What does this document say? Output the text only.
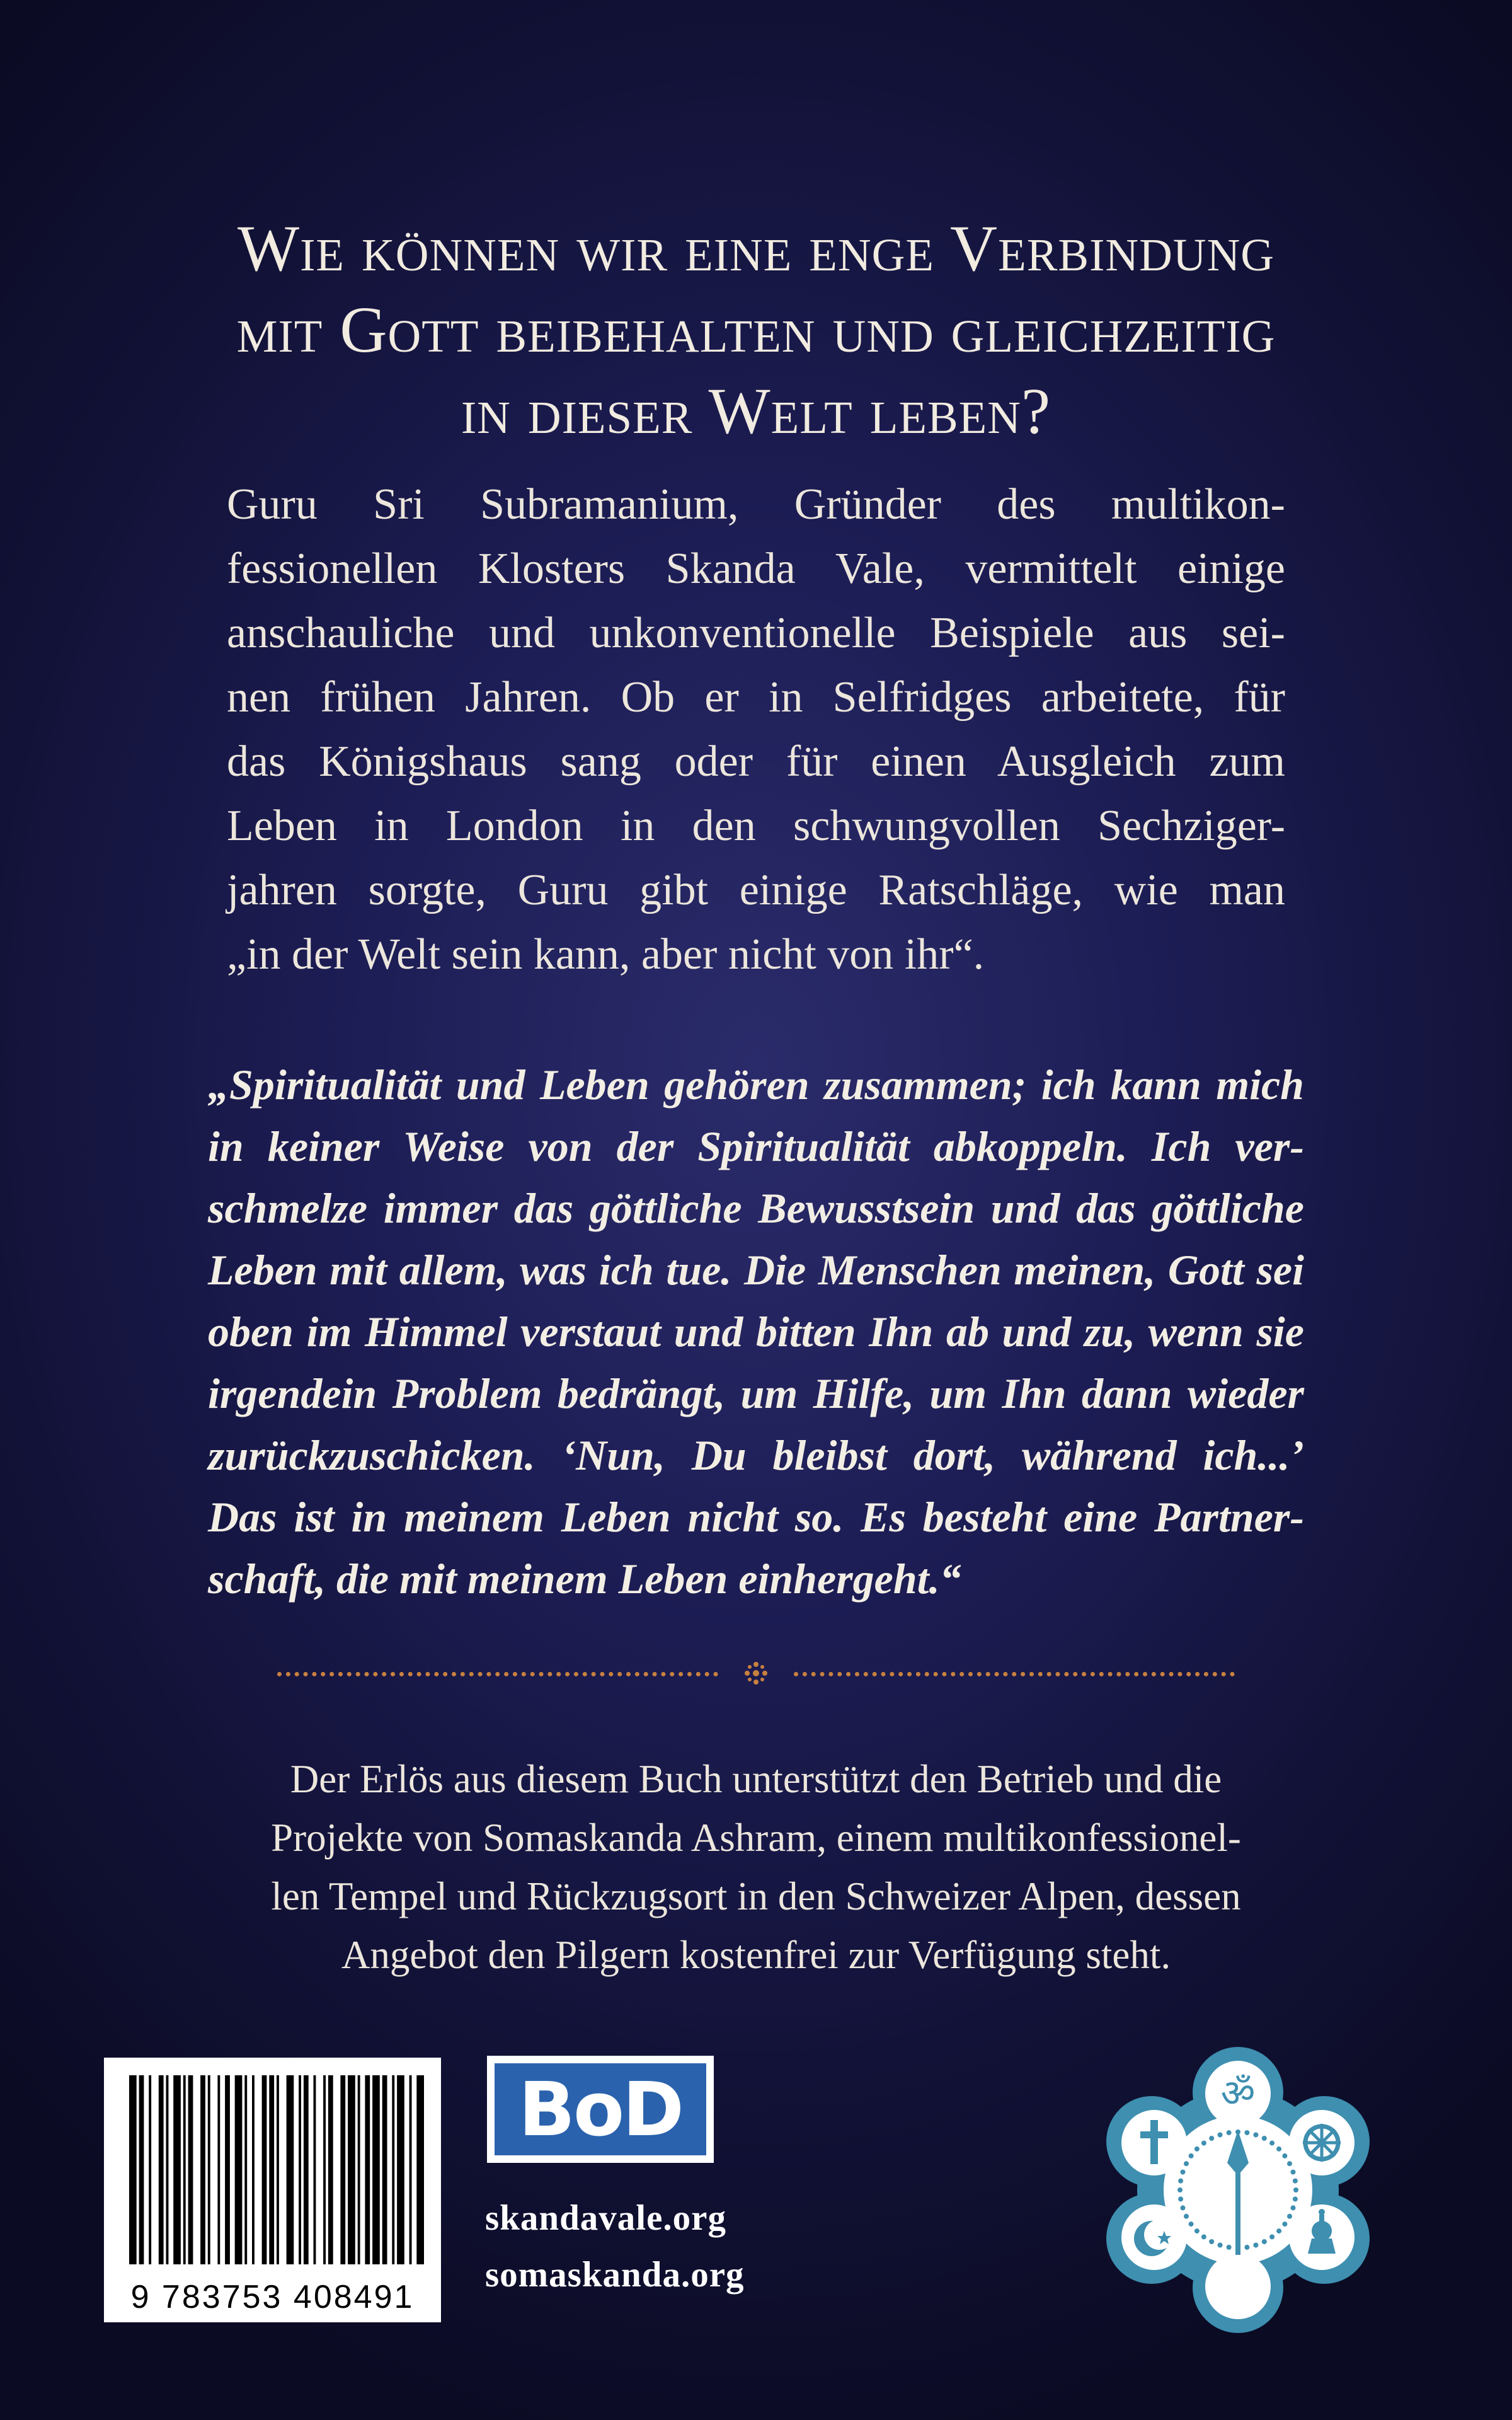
Wie können wir eine enge Verbindung
mit Gott beibehalten und gleichzeitig
in dieser Welt leben?
Guru Sri Subramanium, Gründer des multikon-
fessionellen Klosters Skanda Vale, vermittelt einige
anschauliche und unkonventionelle Beispiele aus sei-
nen frühen Jahren. Ob er in Selfridges arbeitete, für
das Königshaus sang oder für einen Ausgleich zum
Leben in London in den schwungvollen Sechziger-
jahren sorgte, Guru gibt einige Ratschläge, wie man
„in der Welt sein kann, aber nicht von ihr“.
„Spiritualität und Leben gehören zusammen; ich kann mich
in keiner Weise von der Spiritualität abkoppeln. Ich ver-
schmelze immer das göttliche Bewusstsein und das göttliche
Leben mit allem, was ich tue. Die Menschen meinen, Gott sei
oben im Himmel verstaut und bitten Ihn ab und zu, wenn sie
irgendein Problem bedrängt, um Hilfe, um Ihn dann wieder
zurückzuschicken. ‘Nun, Du bleibst dort, während ich...’
Das ist in meinem Leben nicht so. Es besteht eine Partner-
schaft, die mit meinem Leben einhergeht.“
Der Erlös aus diesem Buch unterstützt den Betrieb und die
Projekte von Somaskanda Ashram, einem multikonfessionel-
len Tempel und Rückzugsort in den Schweizer Alpen, dessen
Angebot den Pilgern kostenfrei zur Verfügung steht.
9 783753 408491
BoD
skandavale.org
somaskanda.org
ॐ
